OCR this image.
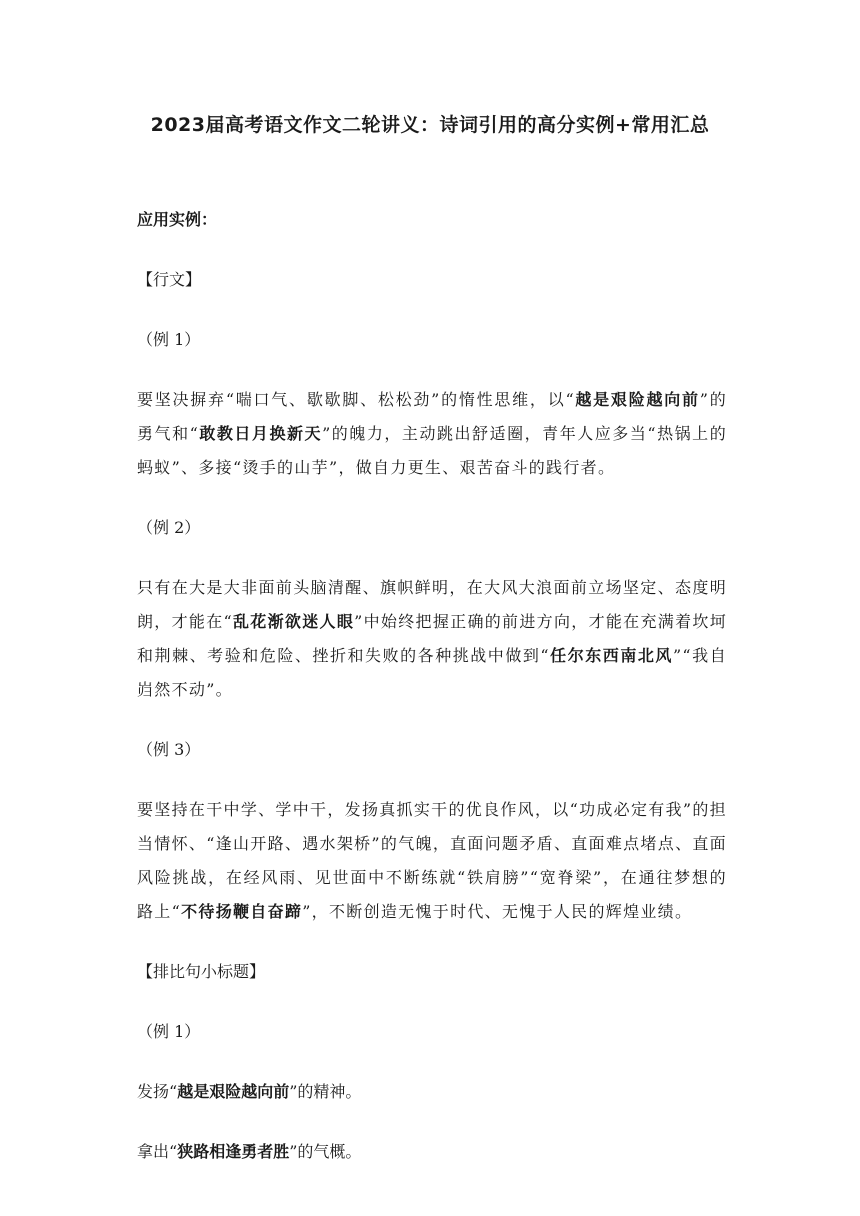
2023届高考语文作文二轮讲义：诗词引用的高分实例+常用汇总

应用实例：

【行文】

（例 1）

要坚决摒弃“喘口气、歇歇脚、松松劲”的惰性思维，以“越是艰险越向前”的勇气和“敢教日月换新天”的魄力，主动跳出舒适圈，青年人应多当“热锅上的蚂蚁”、多接“烫手的山芋”，做自力更生、艰苦奋斗的践行者。

（例 2）

只有在大是大非面前头脑清醒、旗帜鲜明，在大风大浪面前立场坚定、态度明朗，才能在“乱花渐欲迷人眼”中始终把握正确的前进方向，才能在充满着坎坷和荆棘、考验和危险、挫折和失败的各种挑战中做到“任尔东西南北风”“我自岿然不动”。

（例 3）

要坚持在干中学、学中干，发扬真抓实干的优良作风，以“功成必定有我”的担当情怀、“逢山开路、遇水架桥”的气魄，直面问题矛盾、直面难点堵点、直面风险挑战，在经风雨、见世面中不断练就“铁肩膀”“宽脊梁”，在通往梦想的路上“不待扬鞭自奋蹄”，不断创造无愧于时代、无愧于人民的辉煌业绩。

【排比句小标题】

（例 1）

发扬“越是艰险越向前”的精神。

拿出“狭路相逢勇者胜”的气概。
